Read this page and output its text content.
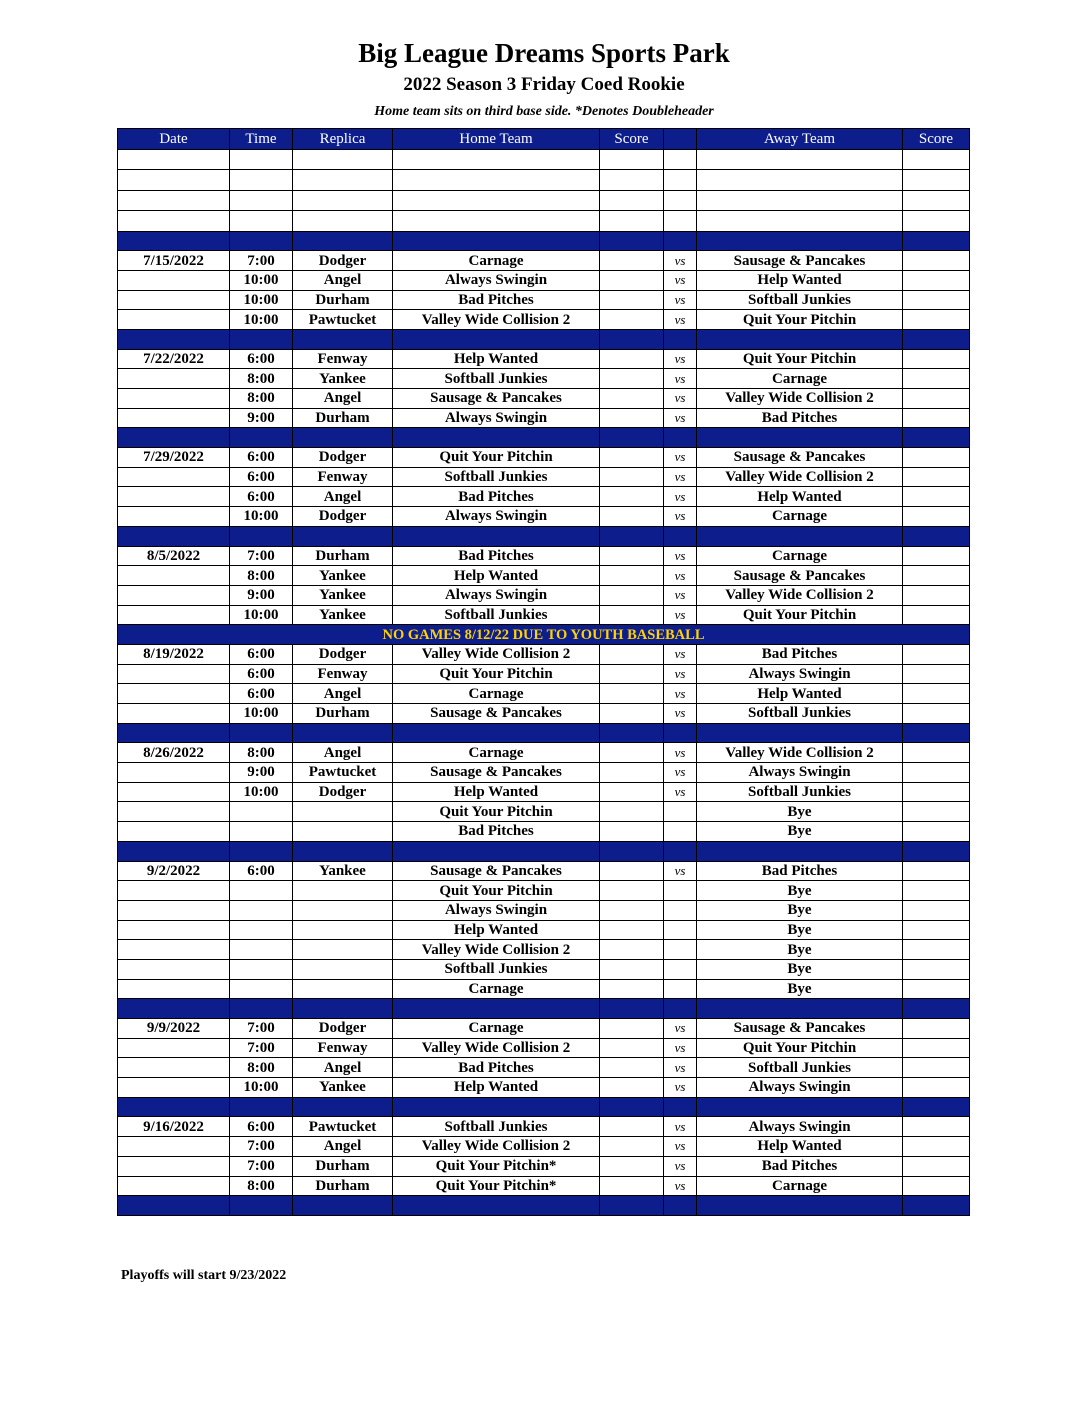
Big League Dreams Sports Park
2022 Season 3 Friday Coed Rookie
Home team sits on third base side. *Denotes Doubleheader
Date	Time	Replica	Home Team	Score		Away Team	Score

7/15/2022	7:00	Dodger	Carnage		vs	Sausage & Pancakes	
	10:00	Angel	Always Swingin		vs	Help Wanted	
	10:00	Durham	Bad Pitches		vs	Softball Junkies	
	10:00	Pawtucket	Valley Wide Collision 2		vs	Quit Your Pitchin	

7/22/2022	6:00	Fenway	Help Wanted		vs	Quit Your Pitchin	
	8:00	Yankee	Softball Junkies		vs	Carnage	
	8:00	Angel	Sausage & Pancakes		vs	Valley Wide Collision 2	
	9:00	Durham	Always Swingin		vs	Bad Pitches	

7/29/2022	6:00	Dodger	Quit Your Pitchin		vs	Sausage & Pancakes	
	6:00	Fenway	Softball Junkies		vs	Valley Wide Collision 2	
	6:00	Angel	Bad Pitches		vs	Help Wanted	
	10:00	Dodger	Always Swingin		vs	Carnage	

8/5/2022	7:00	Durham	Bad Pitches		vs	Carnage	
	8:00	Yankee	Help Wanted		vs	Sausage & Pancakes	
	9:00	Yankee	Always Swingin		vs	Valley Wide Collision 2	
	10:00	Yankee	Softball Junkies		vs	Quit Your Pitchin	
NO GAMES 8/12/22 DUE TO YOUTH BASEBALL							
8/19/2022	6:00	Dodger	Valley Wide Collision 2		vs	Bad Pitches	
	6:00	Fenway	Quit Your Pitchin		vs	Always Swingin	
	6:00	Angel	Carnage		vs	Help Wanted	
	10:00	Durham	Sausage & Pancakes		vs	Softball Junkies	

8/26/2022	8:00	Angel	Carnage		vs	Valley Wide Collision 2	
	9:00	Pawtucket	Sausage & Pancakes		vs	Always Swingin	
	10:00	Dodger	Help Wanted		vs	Softball Junkies	
			Quit Your Pitchin			Bye	
			Bad Pitches			Bye	

9/2/2022	6:00	Yankee	Sausage & Pancakes		vs	Bad Pitches	
			Quit Your Pitchin			Bye	
			Always Swingin			Bye	
			Help Wanted			Bye	
			Valley Wide Collision 2			Bye	
			Softball Junkies			Bye	
			Carnage			Bye	

9/9/2022	7:00	Dodger	Carnage		vs	Sausage & Pancakes	
	7:00	Fenway	Valley Wide Collision 2		vs	Quit Your Pitchin	
	8:00	Angel	Bad Pitches		vs	Softball Junkies	
	10:00	Yankee	Help Wanted		vs	Always Swingin	

9/16/2022	6:00	Pawtucket	Softball Junkies		vs	Always Swingin	
	7:00	Angel	Valley Wide Collision 2		vs	Help Wanted	
	7:00	Durham	Quit Your Pitchin*		vs	Bad Pitches	
	8:00	Durham	Quit Your Pitchin*		vs	Carnage	

Playoffs will start 9/23/2022
